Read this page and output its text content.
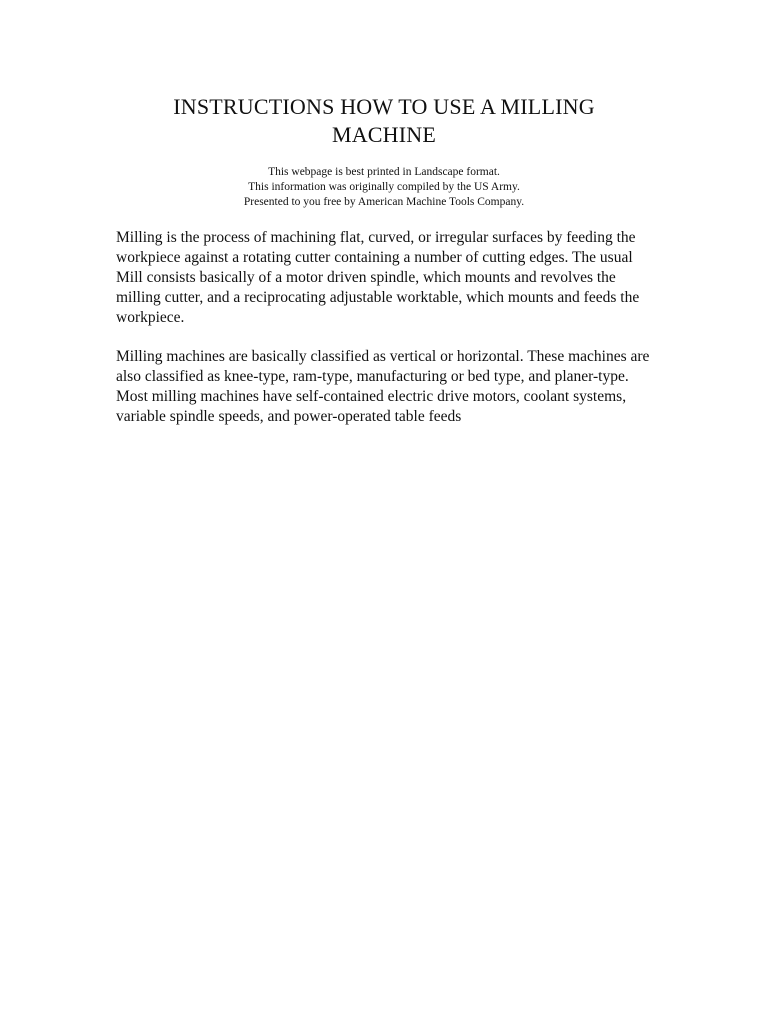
INSTRUCTIONS HOW TO USE A MILLING MACHINE
This webpage is best printed in Landscape format.
This information was originally compiled by the US Army.
Presented to you free by American Machine Tools Company.

Milling is the process of machining flat, curved, or irregular surfaces by feeding the workpiece against a rotating cutter containing a number of cutting edges. The usual Mill consists basically of a motor driven spindle, which mounts and revolves the milling cutter, and a reciprocating adjustable worktable, which mounts and feeds the workpiece.

Milling machines are basically classified as vertical or horizontal. These machines are also classified as knee-type, ram-type, manufacturing or bed type, and planer-type. Most milling machines have self-contained electric drive motors, coolant systems, variable spindle speeds, and power-operated table feeds
